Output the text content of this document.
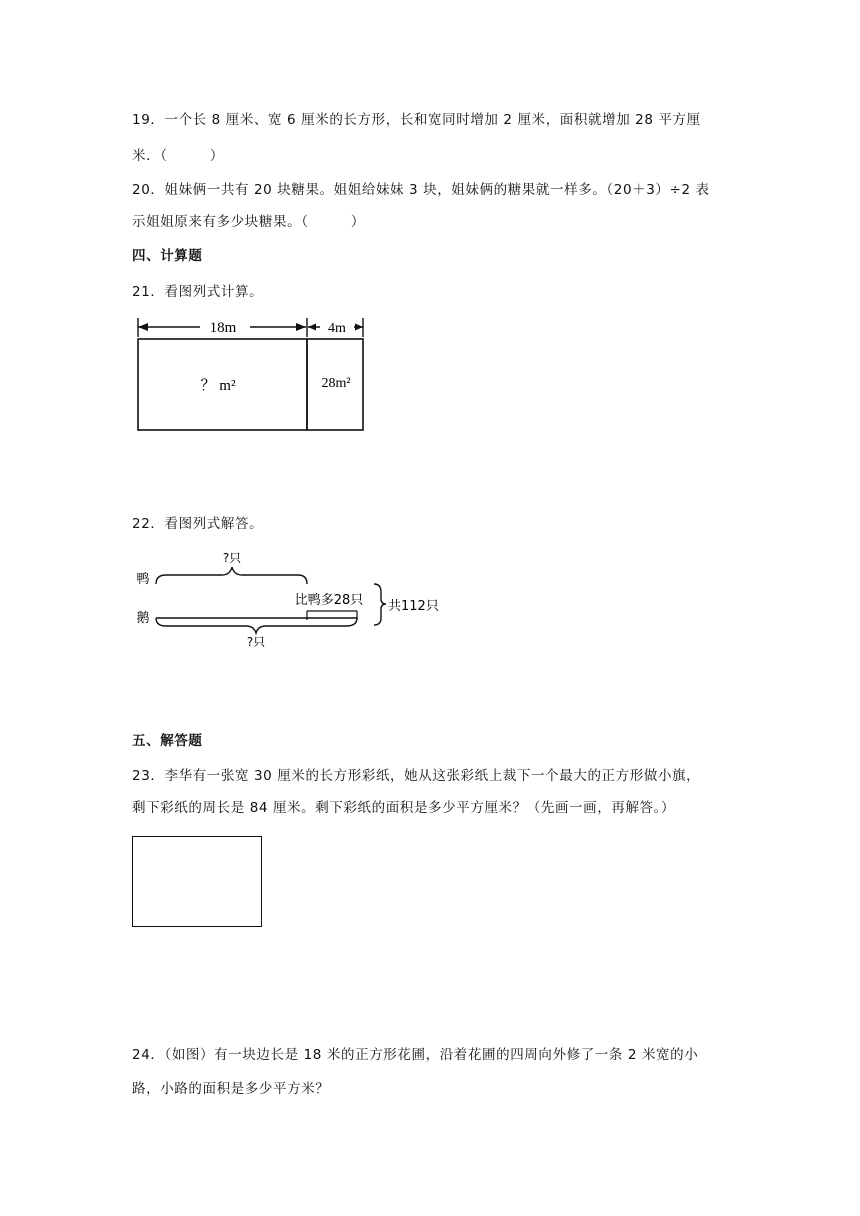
19．一个长 8 厘米、宽 6 厘米的长方形，长和宽同时增加 2 厘米，面积就增加 28 平方厘
米．（　　　）
20．姐妹俩一共有 20 块糖果。姐姐给妹妹 3 块，姐妹俩的糖果就一样多。（20＋3）÷2 表
示姐姐原来有多少块糖果。（　　　）
四、计算题
21．看图列式计算。
18m	4m
？ m²	28m²
22．看图列式解答。
鸭
鹅
?只
比鸭多28只
?只
共112只
五、解答题
23．李华有一张宽 30 厘米的长方形彩纸，她从这张彩纸上裁下一个最大的正方形做小旗，
剩下彩纸的周长是 84 厘米。剩下彩纸的面积是多少平方厘米？（先画一画，再解答。）
24．（如图）有一块边长是 18 米的正方形花圃，沿着花圃的四周向外修了一条 2 米宽的小
路，小路的面积是多少平方米？
